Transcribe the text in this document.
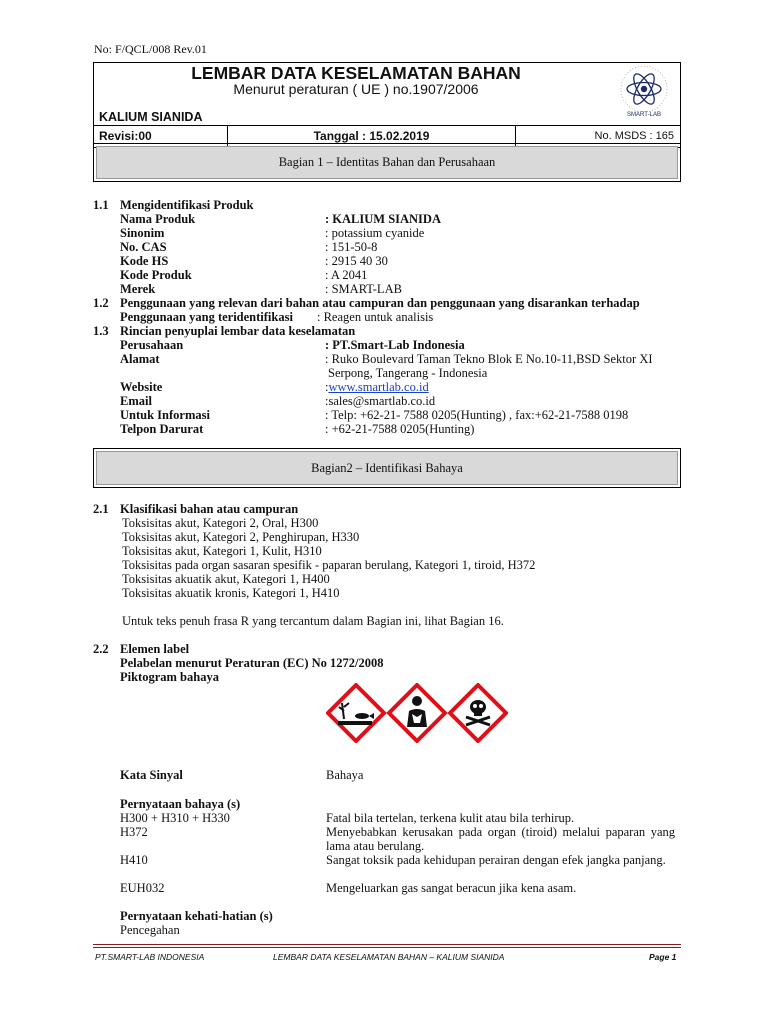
No: F/QCL/008 Rev.01
LEMBAR DATA KESELAMATAN BAHAN
Menurut peraturan ( UE ) no.1907/2006
KALIUM SIANIDA	SMART-LAB
Revisi:00	Tanggal : 15.02.2019	No. MSDS : 165
Bagian 1 – Identitas Bahan dan Perusahaan
1.1 Mengidentifikasi Produk
Nama Produk	: KALIUM SIANIDA
Sinonim	: potassium cyanide
No. CAS	: 151-50-8
Kode HS	: 2915 40 30
Kode Produk	: A 2041
Merek	: SMART-LAB
1.2 Penggunaan yang relevan dari bahan atau campuran dan penggunaan yang disarankan terhadap
Penggunaan yang teridentifikasi : Reagen untuk analisis
1.3 Rincian penyuplai lembar data keselamatan
Perusahaan	: PT.Smart-Lab Indonesia
Alamat	: Ruko Boulevard Taman Tekno Blok E No.10-11,BSD Sektor XI
Serpong, Tangerang - Indonesia
Website	:www.smartlab.co.id
Email	:sales@smartlab.co.id
Untuk Informasi	: Telp: +62-21- 7588 0205(Hunting) , fax:+62-21-7588 0198
Telpon Darurat	: +62-21-7588 0205(Hunting)
Bagian2 – Identifikasi Bahaya
2.1 Klasifikasi bahan atau campuran
Toksisitas akut, Kategori 2, Oral, H300
Toksisitas akut, Kategori 2, Penghirupan, H330
Toksisitas akut, Kategori 1, Kulit, H310
Toksisitas pada organ sasaran spesifik - paparan berulang, Kategori 1, tiroid, H372
Toksisitas akuatik akut, Kategori 1, H400
Toksisitas akuatik kronis, Kategori 1, H410
Untuk teks penuh frasa R yang tercantum dalam Bagian ini, lihat Bagian 16.
2.2 Elemen label
Pelabelan menurut Peraturan (EC) No 1272/2008
Piktogram bahaya
Kata Sinyal	Bahaya
Pernyataan bahaya (s)
H300 + H310 + H330	Fatal bila tertelan, terkena kulit atau bila terhirup.
H372	Menyebabkan kerusakan pada organ (tiroid) melalui paparan yang lama atau berulang.
H410	Sangat toksik pada kehidupan perairan dengan efek jangka panjang.
EUH032	Mengeluarkan gas sangat beracun jika kena asam.
Pernyataan kehati-hatian (s)
Pencegahan
PT.SMART-LAB INDONESIA	LEMBAR DATA KESELAMATAN BAHAN – KALIUM SIANIDA	Page 1
